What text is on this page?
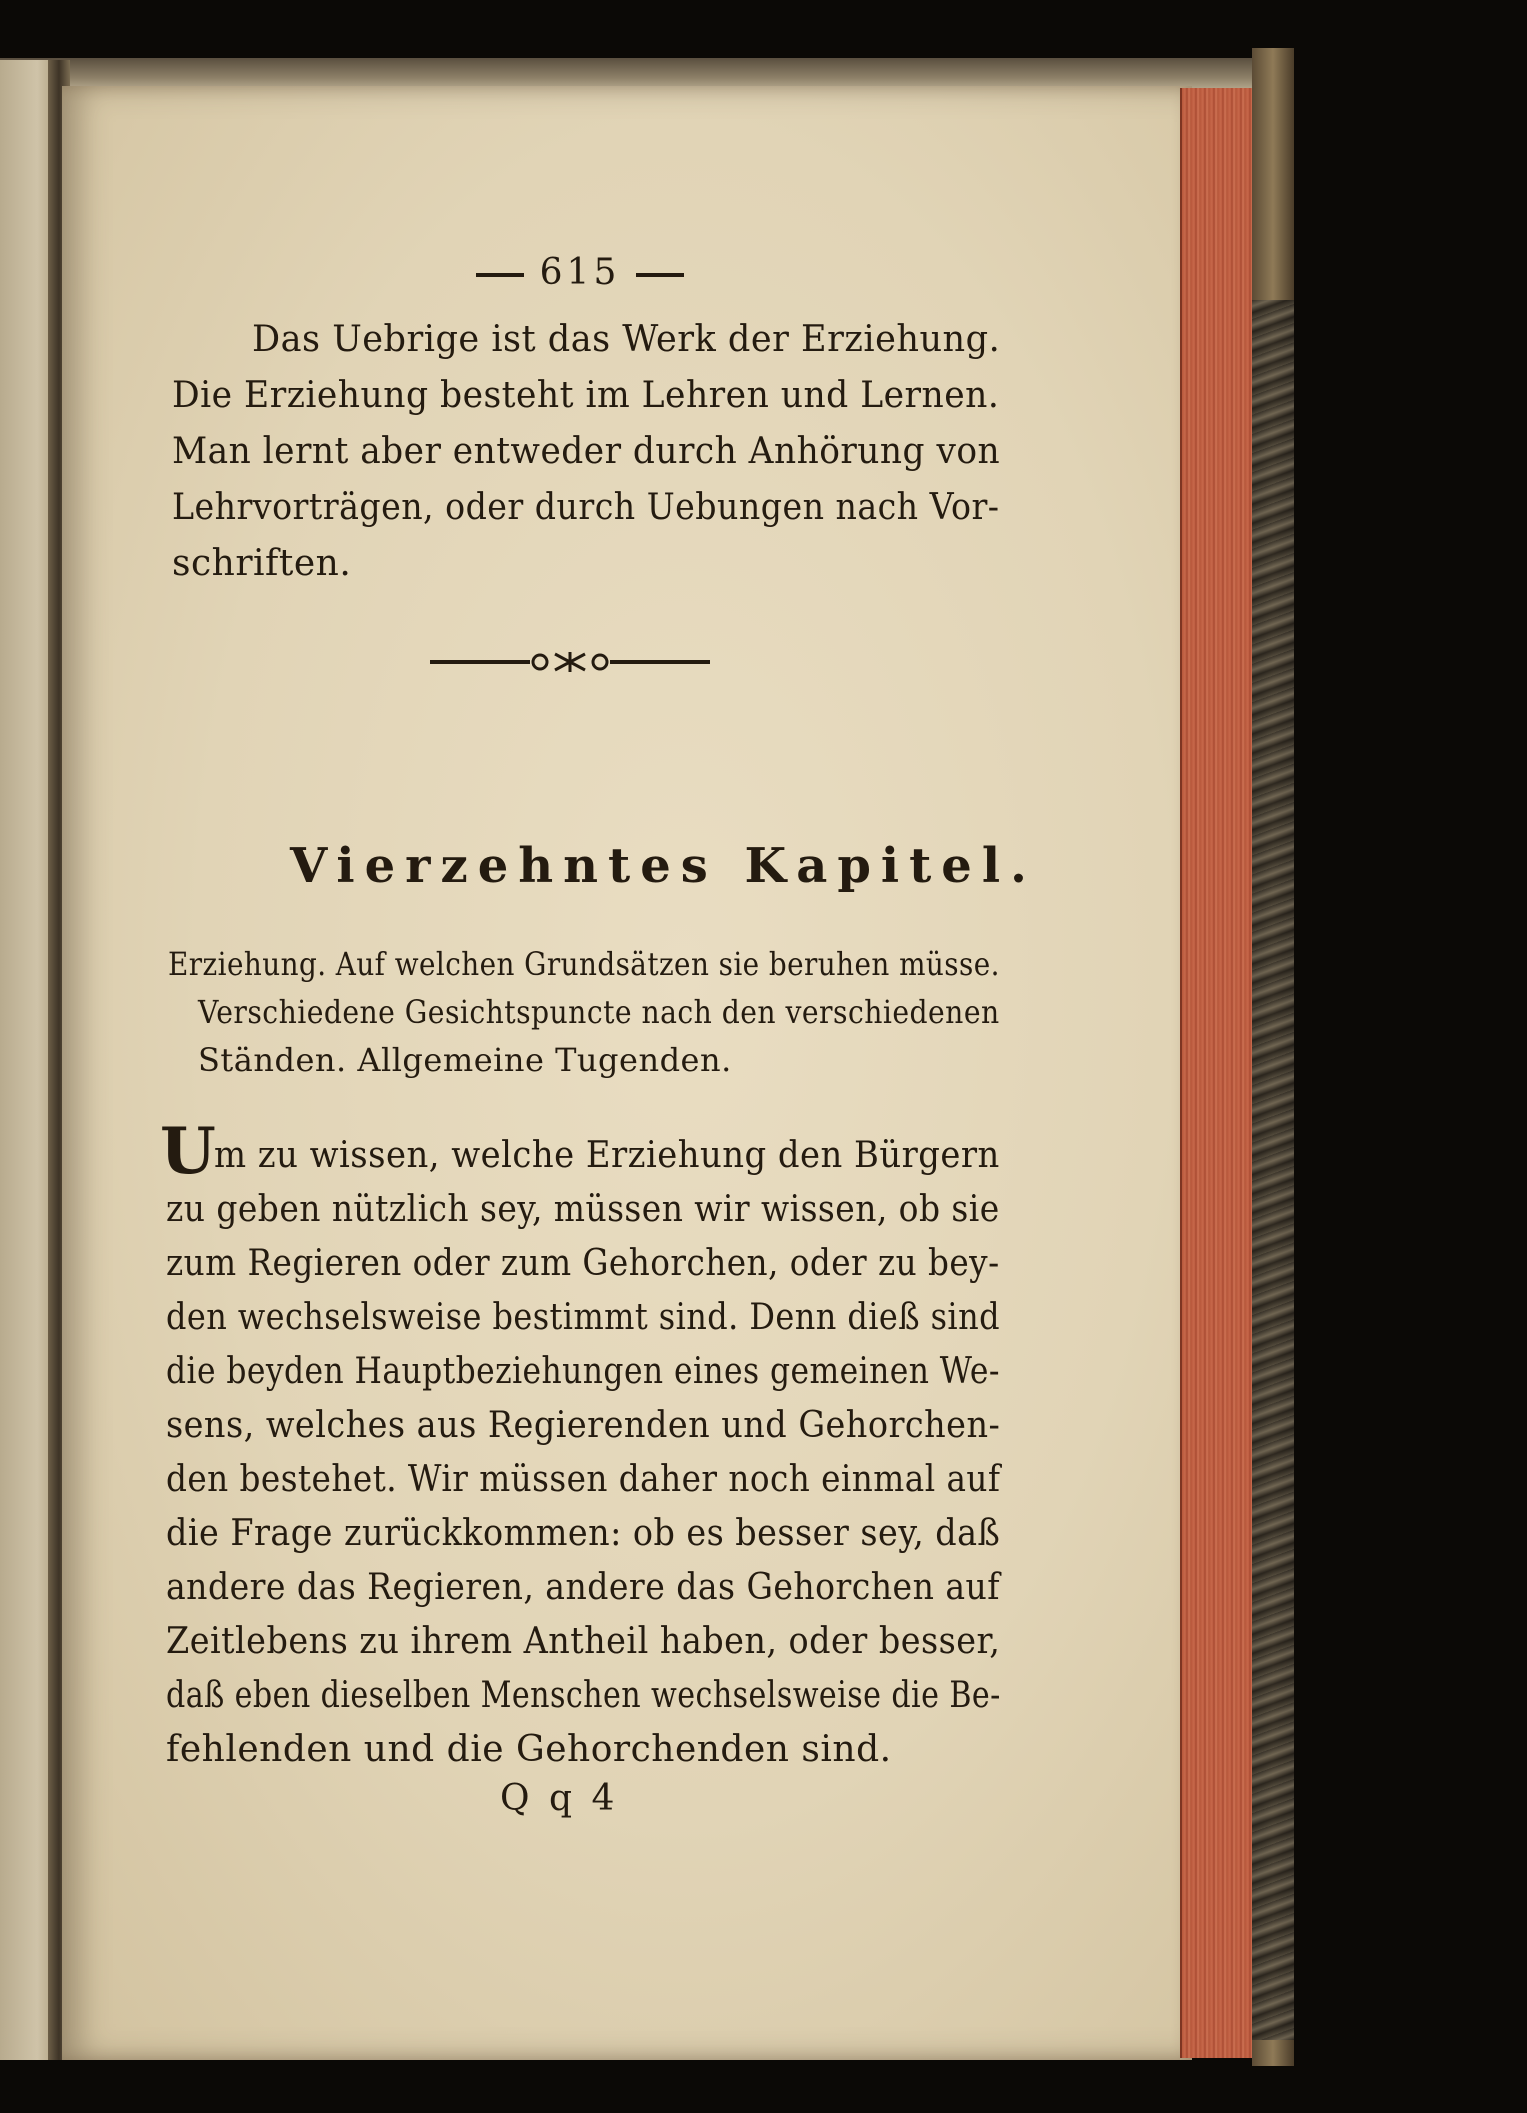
615
Das Uebrige ist das Werk der Erziehung.
Die Erziehung besteht im Lehren und Lernen.
Man lernt aber entweder durch Anhörung von
Lehrvorträgen, oder durch Uebungen nach Vor-
schriften.
Vierzehntes Kapitel.
Erziehung. Auf welchen Grundsätzen sie beruhen müsse.
Verschiedene Gesichtspuncte nach den verschiedenen
Ständen. Allgemeine Tugenden.
U
m zu wissen, welche Erziehung den Bürgern
zu geben nützlich sey, müssen wir wissen, ob sie
zum Regieren oder zum Gehorchen, oder zu bey-
den wechselsweise bestimmt sind. Denn dieß sind
die beyden Hauptbeziehungen eines gemeinen We-
sens, welches aus Regierenden und Gehorchen-
den bestehet. Wir müssen daher noch einmal auf
die Frage zurückkommen: ob es besser sey, daß
andere das Regieren, andere das Gehorchen auf
Zeitlebens zu ihrem Antheil haben, oder besser,
daß eben dieselben Menschen wechselsweise die Be-
fehlenden und die Gehorchenden sind.
Q q 4
